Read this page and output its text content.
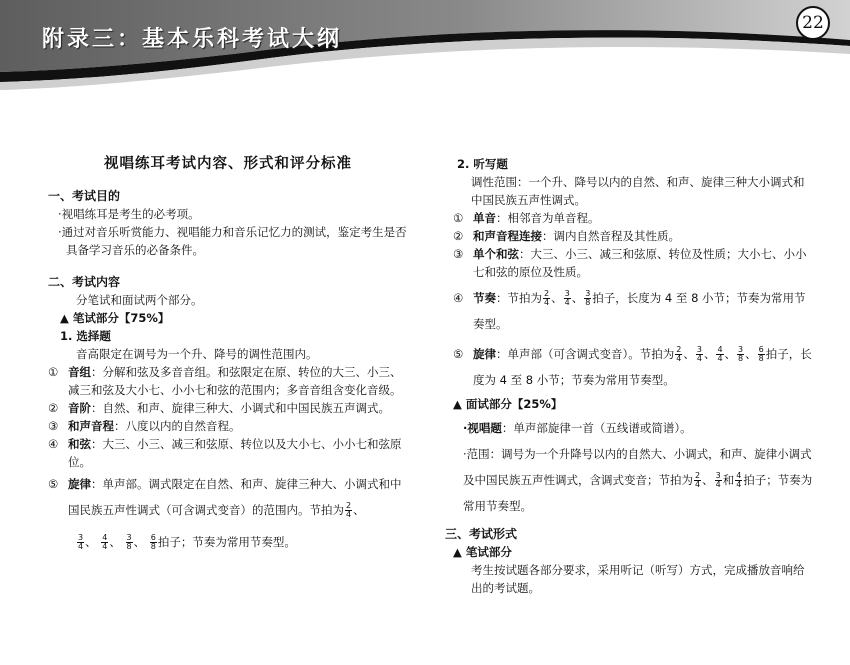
附录三：基本乐科考试大纲
22
视唱练耳考试内容、形式和评分标准
一、考试目的
·视唱练耳是考生的必考项。
·通过对音乐听赏能力、视唱能力和音乐记忆力的测试，鉴定考生是否具备学习音乐的必备条件。
二、考试内容
分笔试和面试两个部分。
▲ 笔试部分【75%】
1. 选择题
音高限定在调号为一个升、降号的调性范围内。
① 音组：分解和弦及多音音组。和弦限定在原、转位的大三、小三、减三和弦及大小七、小小七和弦的范围内；多音音组含变化音级。
② 音阶：自然、和声、旋律三种大、小调式和中国民族五声调式。
③ 和声音程：八度以内的自然音程。
④ 和弦：大三、小三、减三和弦原、转位以及大小七、小小七和弦原位。
⑤ 旋律：单声部。调式限定在自然、和声、旋律三种大、小调式和中国民族五声性调式（可含调式变音）的范围内。节拍为 $\frac{2}{4}$ 、
$\frac{3}{4}$ 、 $\frac{4}{4}$ 、 $\frac{3}{8}$ 、 $\frac{6}{8}$ 拍子；节奏为常用节奏型。
2. 听写题
调性范围：一个升、降号以内的自然、和声、旋律三种大小调式和中国民族五声性调式。
① 单音：相邻音为单音程。
② 和声音程连接：调内自然音程及其性质。
③ 单个和弦：大三、小三、减三和弦原、转位及性质；大小七、小小七和弦的原位及性质。
④ 节奏：节拍为 $\frac{2}{4}$ 、 $\frac{3}{4}$ 、 $\frac{3}{8}$ 拍子，长度为 4 至 8 小节；节奏为常用节奏型。
⑤ 旋律：单声部（可含调式变音）。节拍为 $\frac{2}{4}$ 、 $\frac{3}{4}$ 、 $\frac{4}{4}$ 、 $\frac{3}{8}$ 、 $\frac{6}{8}$ 拍子，长度为 4 至 8 小节；节奏为常用节奏型。
▲ 面试部分【25%】
·视唱题：单声部旋律一首（五线谱或简谱）。
·范围：调号为一个升降号以内的自然大、小调式，和声、旋律小调式及中国民族五声性调式，含调式变音；节拍为 $\frac{2}{4}$ 、 $\frac{3}{4}$ 和 $\frac{4}{4}$ 拍子；节奏为常用节奏型。
三、考试形式
▲ 笔试部分
考生按试题各部分要求，采用听记（听写）方式，完成播放音响给出的考试题。
